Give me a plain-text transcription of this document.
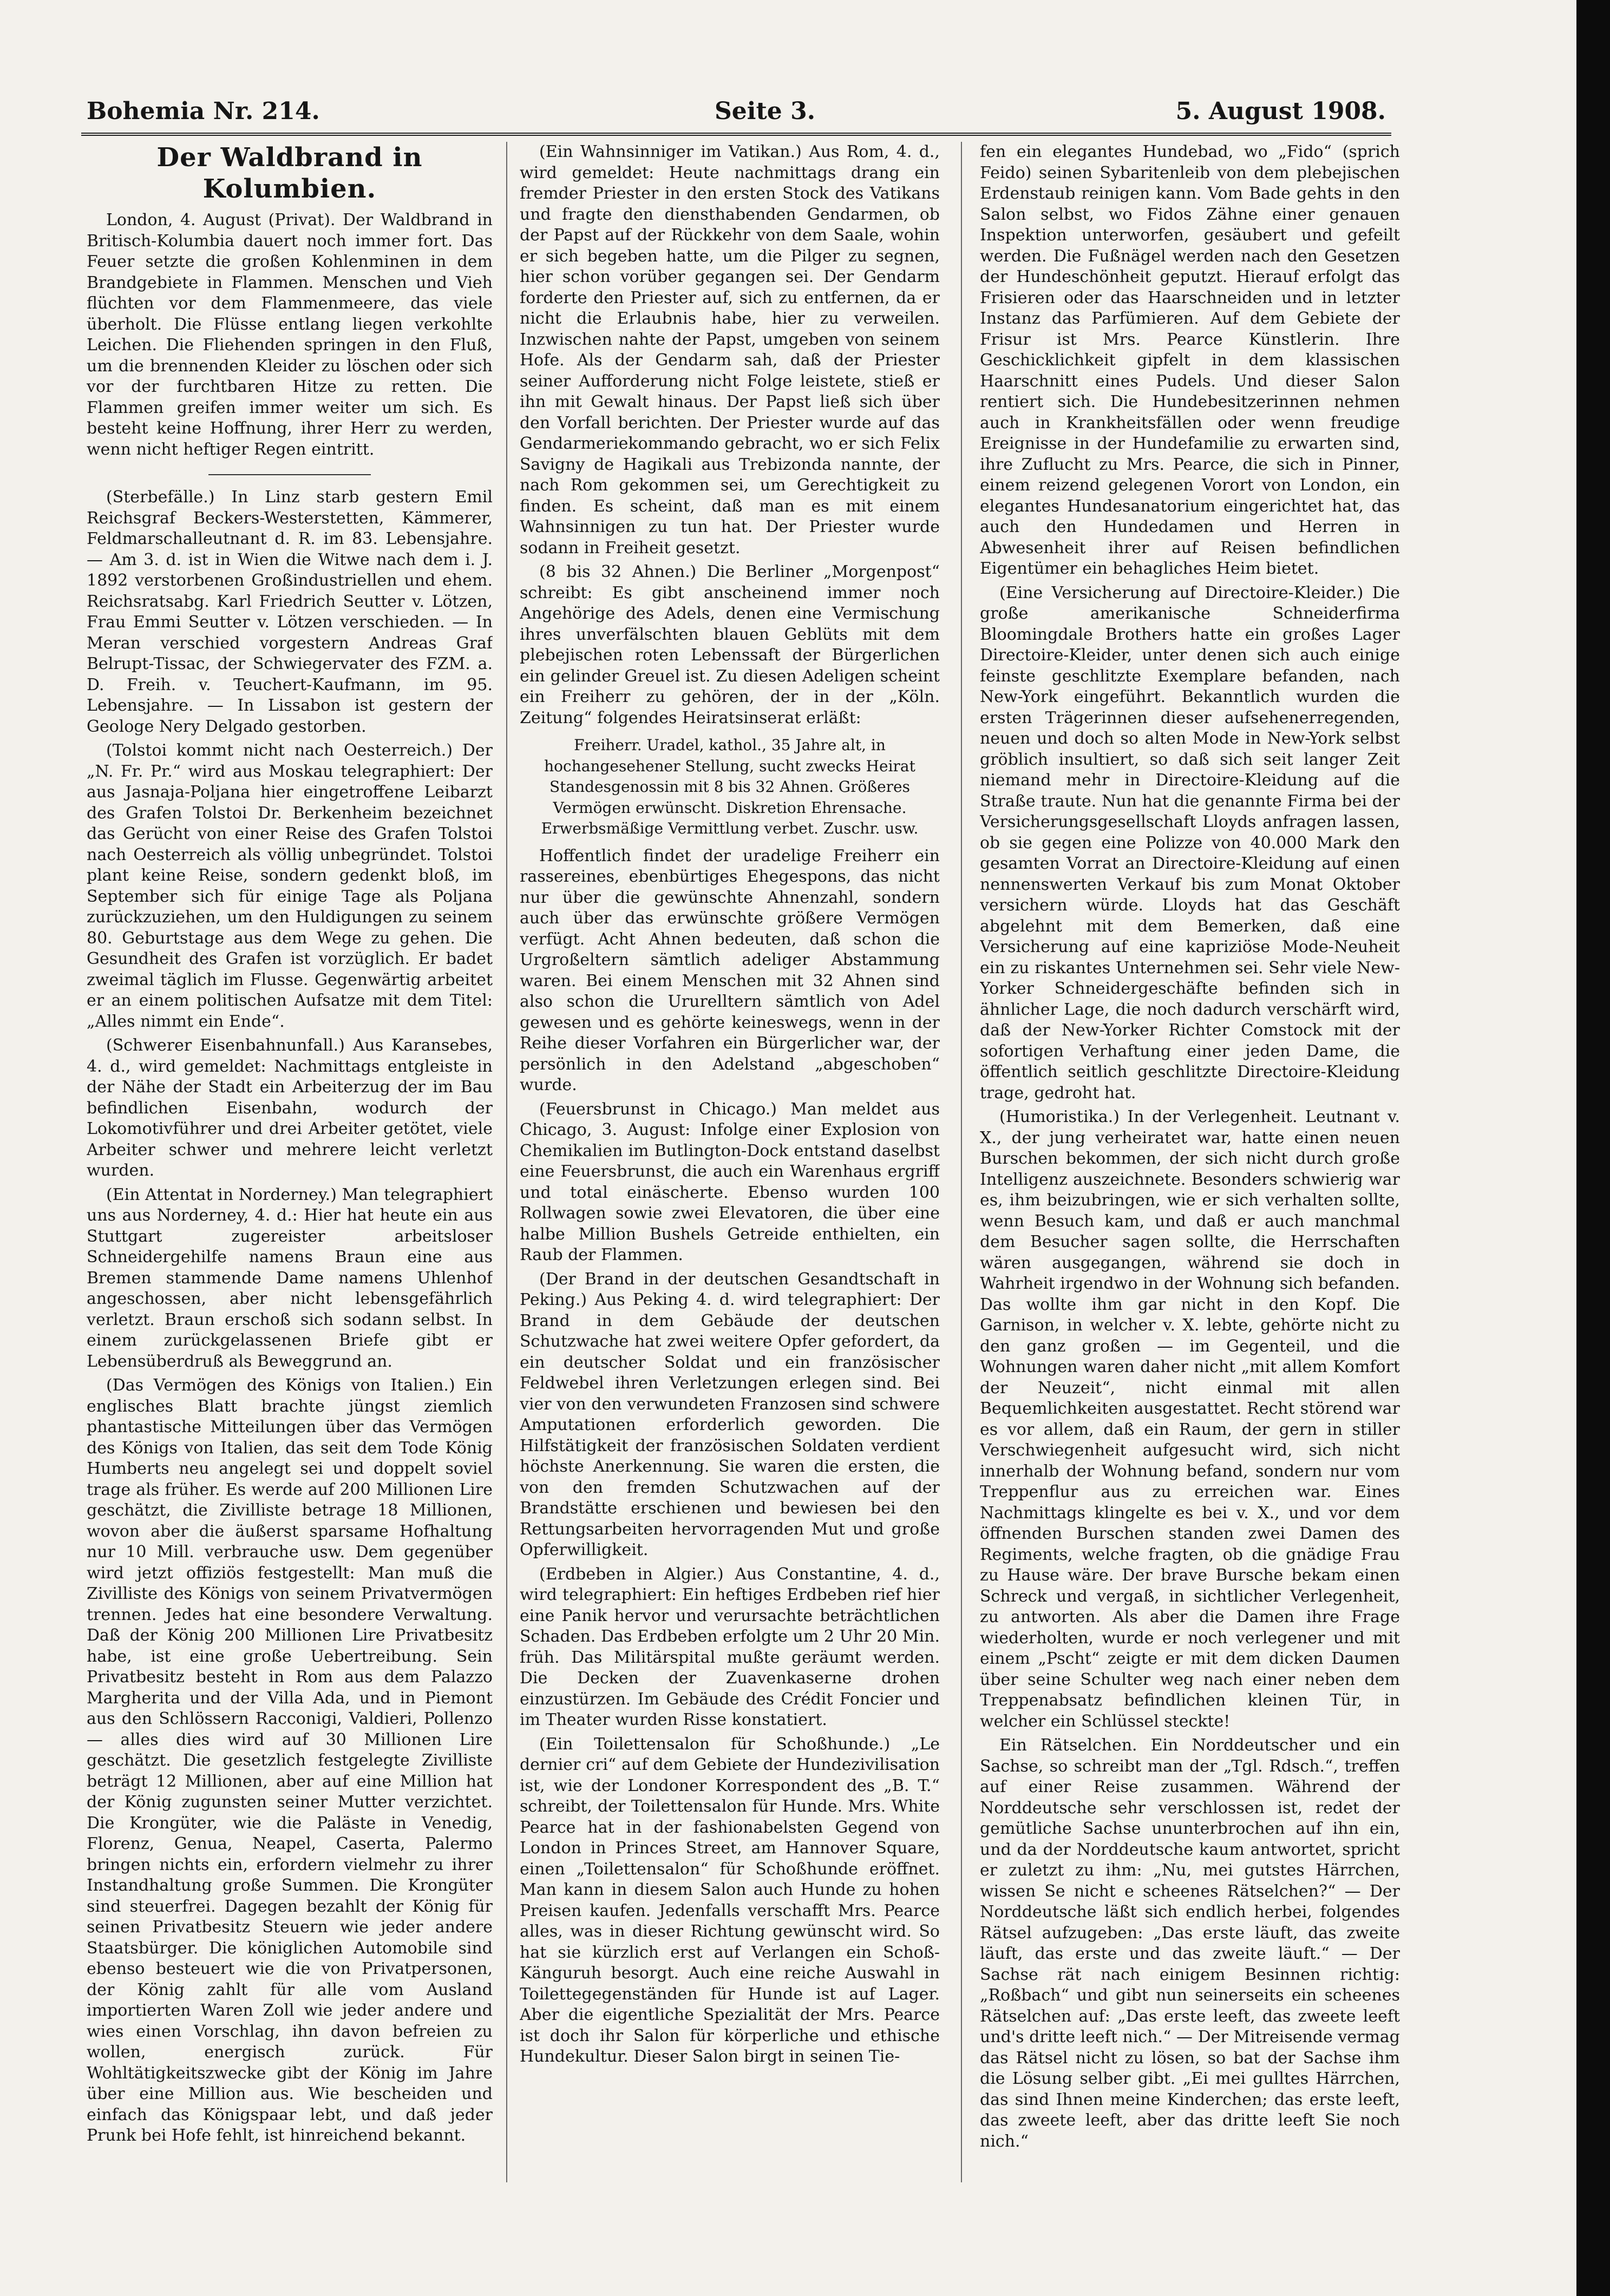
Bohemia Nr. 214.	Seite 3.	5. August 1908.
Der Waldbrand in Kolumbien.

London, 4. August (Privat). Der Waldbrand in Britisch-Kolumbia dauert noch immer fort. Das Feuer setzte die großen Kohlenminen in dem Brandgebiete in Flammen. Menschen und Vieh flüchten vor dem Flammenmeere, das viele überholt. Die Flüsse entlang liegen verkohlte Leichen. Die Fliehenden springen in den Fluß, um die brennenden Kleider zu löschen oder sich vor der furchtbaren Hitze zu retten. Die Flammen greifen immer weiter um sich. Es besteht keine Hoffnung, ihrer Herr zu werden, wenn nicht heftiger Regen eintritt.

(Sterbefälle.) In Linz starb gestern Emil Reichsgraf Beckers-Westerstetten, Kämmerer, Feldmarschalleutnant d. R. im 83. Lebensjahre. — Am 3. d. ist in Wien die Witwe nach dem i. J. 1892 verstorbenen Großindustriellen und ehem. Reichsratsabg. Karl Friedrich Seutter v. Lötzen, Frau Emmi Seutter v. Lötzen verschieden. — In Meran verschied vorgestern Andreas Graf Belrupt-Tissac, der Schwiegervater des FZM. a. D. Freih. v. Teuchert-Kaufmann, im 95. Lebensjahre. — In Lissabon ist gestern der Geologe Nery Delgado gestorben.

(Tolstoi kommt nicht nach Oesterreich.) Der „N. Fr. Pr.“ wird aus Moskau telegraphiert: Der aus Jasnaja-Poljana hier eingetroffene Leibarzt des Grafen Tolstoi Dr. Berkenheim bezeichnet das Gerücht von einer Reise des Grafen Tolstoi nach Oesterreich als völlig unbegründet. Tolstoi plant keine Reise, sondern gedenkt bloß, im September sich für einige Tage als Poljana zurückzuziehen, um den Huldigungen zu seinem 80. Geburtstage aus dem Wege zu gehen. Die Gesundheit des Grafen ist vorzüglich. Er badet zweimal täglich im Flusse. Gegenwärtig arbeitet er an einem politischen Aufsatze mit dem Titel: „Alles nimmt ein Ende“.

(Schwerer Eisenbahnunfall.) Aus Karansebes, 4. d., wird gemeldet: Nachmittags entgleiste in der Nähe der Stadt ein Arbeiterzug der im Bau befindlichen Eisenbahn, wodurch der Lokomotivführer und drei Arbeiter getötet, viele Arbeiter schwer und mehrere leicht verletzt wurden.

(Ein Attentat in Norderney.) Man telegraphiert uns aus Norderney, 4. d.: Hier hat heute ein aus Stuttgart zugereister arbeitsloser Schneidergehilfe namens Braun eine aus Bremen stammende Dame namens Uhlenhof angeschossen, aber nicht lebensgefährlich verletzt. Braun erschoß sich sodann selbst. In einem zurückgelassenen Briefe gibt er Lebensüberdruß als Beweggrund an.

(Das Vermögen des Königs von Italien.) Ein englisches Blatt brachte jüngst ziemlich phantastische Mitteilungen über das Vermögen des Königs von Italien, das seit dem Tode König Humberts neu angelegt sei und doppelt soviel trage als früher. Es werde auf 200 Millionen Lire geschätzt, die Zivilliste betrage 18 Millionen, wovon aber die äußerst sparsame Hofhaltung nur 10 Mill. verbrauche usw. Dem gegenüber wird jetzt offiziös festgestellt: Man muß die Zivilliste des Königs von seinem Privatvermögen trennen. Jedes hat eine besondere Verwaltung. Daß der König 200 Millionen Lire Privatbesitz habe, ist eine große Uebertreibung. Sein Privatbesitz besteht in Rom aus dem Palazzo Margherita und der Villa Ada, und in Piemont aus den Schlössern Racconigi, Valdieri, Pollenzo — alles dies wird auf 30 Millionen Lire geschätzt. Die gesetzlich festgelegte Zivilliste beträgt 12 Millionen, aber auf eine Million hat der König zugunsten seiner Mutter verzichtet. Die Krongüter, wie die Paläste in Venedig, Florenz, Genua, Neapel, Caserta, Palermo bringen nichts ein, erfordern vielmehr zu ihrer Instandhaltung große Summen. Die Krongüter sind steuerfrei. Dagegen bezahlt der König für seinen Privatbesitz Steuern wie jeder andere Staatsbürger. Die königlichen Automobile sind ebenso besteuert wie die von Privatpersonen, der König zahlt für alle vom Ausland importierten Waren Zoll wie jeder andere und wies einen Vorschlag, ihn davon befreien zu wollen, energisch zurück. Für Wohltätigkeitszwecke gibt der König im Jahre über eine Million aus. Wie bescheiden und einfach das Königspaar lebt, und daß jeder Prunk bei Hofe fehlt, ist hinreichend bekannt.

(Ein Wahnsinniger im Vatikan.) Aus Rom, 4. d., wird gemeldet: Heute nachmittags drang ein fremder Priester in den ersten Stock des Vatikans und fragte den diensthabenden Gendarmen, ob der Papst auf der Rückkehr von dem Saale, wohin er sich begeben hatte, um die Pilger zu segnen, hier schon vorüber gegangen sei. Der Gendarm forderte den Priester auf, sich zu entfernen, da er nicht die Erlaubnis habe, hier zu verweilen. Inzwischen nahte der Papst, umgeben von seinem Hofe. Als der Gendarm sah, daß der Priester seiner Aufforderung nicht Folge leistete, stieß er ihn mit Gewalt hinaus. Der Papst ließ sich über den Vorfall berichten. Der Priester wurde auf das Gendarmeriekommando gebracht, wo er sich Felix Savigny de Hagikali aus Trebizonda nannte, der nach Rom gekommen sei, um Gerechtigkeit zu finden. Es scheint, daß man es mit einem Wahnsinnigen zu tun hat. Der Priester wurde sodann in Freiheit gesetzt.

(8 bis 32 Ahnen.) Die Berliner „Morgenpost“ schreibt: Es gibt anscheinend immer noch Angehörige des Adels, denen eine Vermischung ihres unverfälschten blauen Geblüts mit dem plebejischen roten Lebenssaft der Bürgerlichen ein gelinder Greuel ist. Zu diesen Adeligen scheint ein Freiherr zu gehören, der in der „Köln. Zeitung“ folgendes Heiratsinserat erläßt:

Freiherr. Uradel, kathol., 35 Jahre alt, in hochangesehener Stellung, sucht zwecks Heirat Standesgenossin mit 8 bis 32 Ahnen. Größeres Vermögen erwünscht. Diskretion Ehrensache. Erwerbsmäßige Vermittlung verbet. Zuschr. usw.

Hoffentlich findet der uradelige Freiherr ein rassereines, ebenbürtiges Ehegespons, das nicht nur über die gewünschte Ahnenzahl, sondern auch über das erwünschte größere Vermögen verfügt. Acht Ahnen bedeuten, daß schon die Urgroßeltern sämtlich adeliger Abstammung waren. Bei einem Menschen mit 32 Ahnen sind also schon die Ururelltern sämtlich von Adel gewesen und es gehörte keineswegs, wenn in der Reihe dieser Vorfahren ein Bürgerlicher war, der persönlich in den Adelstand „abgeschoben“ wurde.

(Feuersbrunst in Chicago.) Man meldet aus Chicago, 3. August: Infolge einer Explosion von Chemikalien im Butlington-Dock entstand daselbst eine Feuersbrunst, die auch ein Warenhaus ergriff und total einäscherte. Ebenso wurden 100 Rollwagen sowie zwei Elevatoren, die über eine halbe Million Bushels Getreide enthielten, ein Raub der Flammen.

(Der Brand in der deutschen Gesandtschaft in Peking.) Aus Peking 4. d. wird telegraphiert: Der Brand in dem Gebäude der deutschen Schutzwache hat zwei weitere Opfer gefordert, da ein deutscher Soldat und ein französischer Feldwebel ihren Verletzungen erlegen sind. Bei vier von den verwundeten Franzosen sind schwere Amputationen erforderlich geworden. Die Hilfstätigkeit der französischen Soldaten verdient höchste Anerkennung. Sie waren die ersten, die von den fremden Schutzwachen auf der Brandstätte erschienen und bewiesen bei den Rettungsarbeiten hervorragenden Mut und große Opferwilligkeit.

(Erdbeben in Algier.) Aus Constantine, 4. d., wird telegraphiert: Ein heftiges Erdbeben rief hier eine Panik hervor und verursachte beträchtlichen Schaden. Das Erdbeben erfolgte um 2 Uhr 20 Min. früh. Das Militärspital mußte geräumt werden. Die Decken der Zuavenkaserne drohen einzustürzen. Im Gebäude des Crédit Foncier und im Theater wurden Risse konstatiert.

(Ein Toilettensalon für Schoßhunde.) „Le dernier cri“ auf dem Gebiete der Hundezivilisation ist, wie der Londoner Korrespondent des „B. T.“ schreibt, der Toilettensalon für Hunde. Mrs. White Pearce hat in der fashionabelsten Gegend von London in Princes Street, am Hannover Square, einen „Toilettensalon“ für Schoßhunde eröffnet. Man kann in diesem Salon auch Hunde zu hohen Preisen kaufen. Jedenfalls verschafft Mrs. Pearce alles, was in dieser Richtung gewünscht wird. So hat sie kürzlich erst auf Verlangen ein Schoß-Känguruh besorgt. Auch eine reiche Auswahl in Toilettegegenständen für Hunde ist auf Lager. Aber die eigentliche Spezialität der Mrs. Pearce ist doch ihr Salon für körperliche und ethische Hundekultur. Dieser Salon birgt in seinen Tie-

fen ein elegantes Hundebad, wo „Fido“ (sprich Feido) seinen Sybaritenleib von dem plebejischen Erdenstaub reinigen kann. Vom Bade gehts in den Salon selbst, wo Fidos Zähne einer genauen Inspektion unterworfen, gesäubert und gefeilt werden. Die Fußnägel werden nach den Gesetzen der Hundeschönheit geputzt. Hierauf erfolgt das Frisieren oder das Haarschneiden und in letzter Instanz das Parfümieren. Auf dem Gebiete der Frisur ist Mrs. Pearce Künstlerin. Ihre Geschicklichkeit gipfelt in dem klassischen Haarschnitt eines Pudels. Und dieser Salon rentiert sich. Die Hundebesitzerinnen nehmen auch in Krankheitsfällen oder wenn freudige Ereignisse in der Hundefamilie zu erwarten sind, ihre Zuflucht zu Mrs. Pearce, die sich in Pinner, einem reizend gelegenen Vorort von London, ein elegantes Hundesanatorium eingerichtet hat, das auch den Hundedamen und Herren in Abwesenheit ihrer auf Reisen befindlichen Eigentümer ein behagliches Heim bietet.

(Eine Versicherung auf Directoire-Kleider.) Die große amerikanische Schneiderfirma Bloomingdale Brothers hatte ein großes Lager Directoire-Kleider, unter denen sich auch einige feinste geschlitzte Exemplare befanden, nach New-York eingeführt. Bekanntlich wurden die ersten Trägerinnen dieser aufsehenerregenden, neuen und doch so alten Mode in New-York selbst gröblich insultiert, so daß sich seit langer Zeit niemand mehr in Directoire-Kleidung auf die Straße traute. Nun hat die genannte Firma bei der Versicherungsgesellschaft Lloyds anfragen lassen, ob sie gegen eine Polizze von 40.000 Mark den gesamten Vorrat an Directoire-Kleidung auf einen nennenswerten Verkauf bis zum Monat Oktober versichern würde. Lloyds hat das Geschäft abgelehnt mit dem Bemerken, daß eine Versicherung auf eine kapriziöse Mode-Neuheit ein zu riskantes Unternehmen sei. Sehr viele New-Yorker Schneidergeschäfte befinden sich in ähnlicher Lage, die noch dadurch verschärft wird, daß der New-Yorker Richter Comstock mit der sofortigen Verhaftung einer jeden Dame, die öffentlich seitlich geschlitzte Directoire-Kleidung trage, gedroht hat.

(Humoristika.) In der Verlegenheit. Leutnant v. X., der jung verheiratet war, hatte einen neuen Burschen bekommen, der sich nicht durch große Intelligenz auszeichnete. Besonders schwierig war es, ihm beizubringen, wie er sich verhalten sollte, wenn Besuch kam, und daß er auch manchmal dem Besucher sagen sollte, die Herrschaften wären ausgegangen, während sie doch in Wahrheit irgendwo in der Wohnung sich befanden. Das wollte ihm gar nicht in den Kopf. Die Garnison, in welcher v. X. lebte, gehörte nicht zu den ganz großen — im Gegenteil, und die Wohnungen waren daher nicht „mit allem Komfort der Neuzeit“, nicht einmal mit allen Bequemlichkeiten ausgestattet. Recht störend war es vor allem, daß ein Raum, der gern in stiller Verschwiegenheit aufgesucht wird, sich nicht innerhalb der Wohnung befand, sondern nur vom Treppenflur aus zu erreichen war. Eines Nachmittags klingelte es bei v. X., und vor dem öffnenden Burschen standen zwei Damen des Regiments, welche fragten, ob die gnädige Frau zu Hause wäre. Der brave Bursche bekam einen Schreck und vergaß, in sichtlicher Verlegenheit, zu antworten. Als aber die Damen ihre Frage wiederholten, wurde er noch verlegener und mit einem „Pscht“ zeigte er mit dem dicken Daumen über seine Schulter weg nach einer neben dem Treppenabsatz befindlichen kleinen Tür, in welcher ein Schlüssel steckte!

Ein Rätselchen. Ein Norddeutscher und ein Sachse, so schreibt man der „Tgl. Rdsch.“, treffen auf einer Reise zusammen. Während der Norddeutsche sehr verschlossen ist, redet der gemütliche Sachse ununterbrochen auf ihn ein, und da der Norddeutsche kaum antwortet, spricht er zuletzt zu ihm: „Nu, mei gutstes Härrchen, wissen Se nicht e scheenes Rätselchen?“ — Der Norddeutsche läßt sich endlich herbei, folgendes Rätsel aufzugeben: „Das erste läuft, das zweite läuft, das erste und das zweite läuft.“ — Der Sachse rät nach einigem Besinnen richtig: „Roßbach“ und gibt nun seinerseits ein scheenes Rätselchen auf: „Das erste leeft, das zweete leeft und's dritte leeft nich.“ — Der Mitreisende vermag das Rätsel nicht zu lösen, so bat der Sachse ihm die Lösung selber gibt. „Ei mei gulltes Härrchen, das sind Ihnen meine Kinderchen; das erste leeft, das zweete leeft, aber das dritte leeft Sie noch nich.“
